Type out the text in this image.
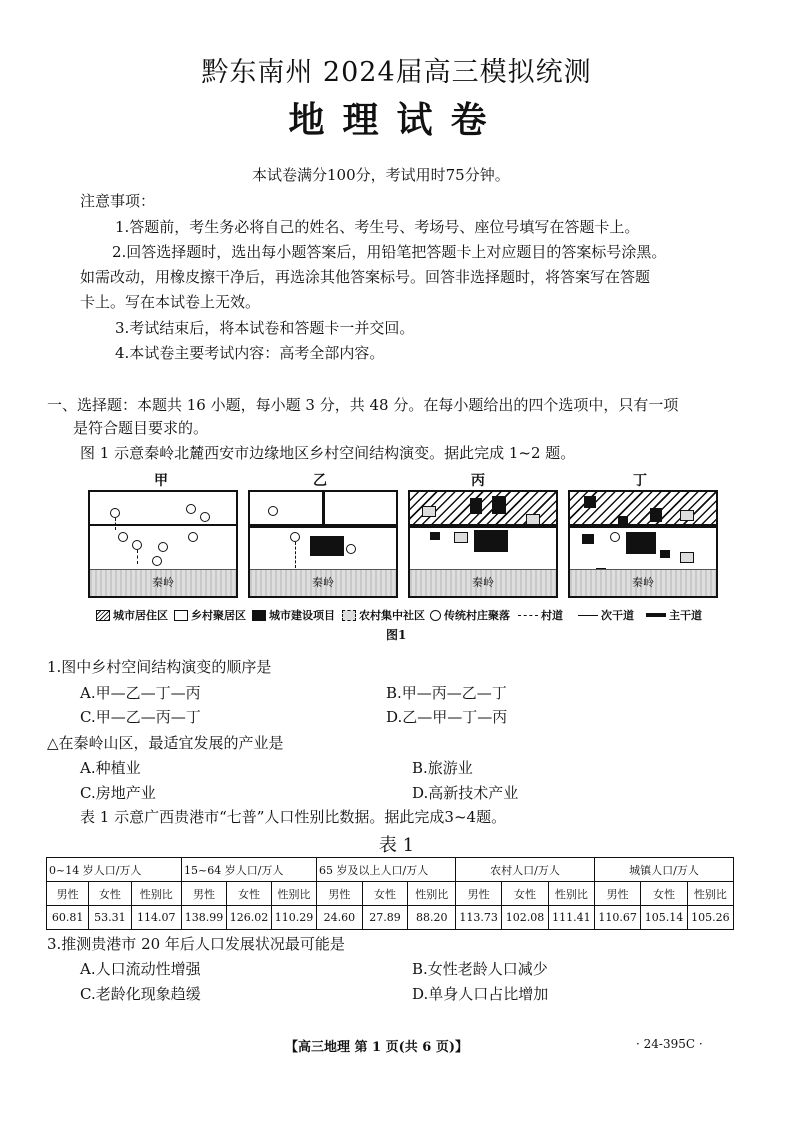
黔东南州 2024届高三模拟统测
地理试卷
本试卷满分100分，考试用时75分钟。
注意事项：
1.答题前，考生务必将自己的姓名、考生号、考场号、座位号填写在答题卡上。
2.回答选择题时，选出每小题答案后，用铅笔把答题卡上对应题目的答案标号涂黑。
如需改动，用橡皮擦干净后，再选涂其他答案标号。回答非选择题时，将答案写在答题
卡上。写在本试卷上无效。
3.考试结束后，将本试卷和答题卡一并交回。
4.本试卷主要考试内容：高考全部内容。
一、选择题：本题共 16 小题，每小题 3 分，共 48 分。在每小题给出的四个选项中，只有一项
是符合题目要求的。
图 1 示意秦岭北麓西安市边缘地区乡村空间结构演变。据此完成 1~2 题。
秦岭
甲
秦岭
乙
秦岭
丙
秦岭
丁
城市居住区 乡村聚居区 城市建设项目 农村集中社区 传统村庄聚落	村道	次干道	主干道
图1
1.图中乡村空间结构演变的顺序是
A.甲—乙—丁—丙	B.甲—丙—乙—丁
C.甲—乙—丙—丁	D.乙—甲—丁—丙
△在秦岭山区，最适宜发展的产业是
A.种植业	B.旅游业
C.房地产业	D.高新技术产业
表 1 示意广西贵港市“七普”人口性别比数据。据此完成3~4题。
表 1
0~14 岁人口/万人			15~64 岁人口/万人			65 岁及以上人口/万人			农村人口/万人			城镇人口/万人		
男性	女性	性别比	男性	女性	性别比	男性	女性	性别比	男性	女性	性别比	男性	女性	性别比
60.81	53.31	114.07	138.99	126.02	110.29	24.60	27.89	88.20	113.73	102.08	111.41	110.67	105.14	105.26
3.推测贵港市 20 年后人口发展状况最可能是
A.人口流动性增强	B.女性老龄人口减少
C.老龄化现象趋缓	D.单身人口占比增加
【高三地理 第 1 页(共 6 页)】	· 24-395C ·
